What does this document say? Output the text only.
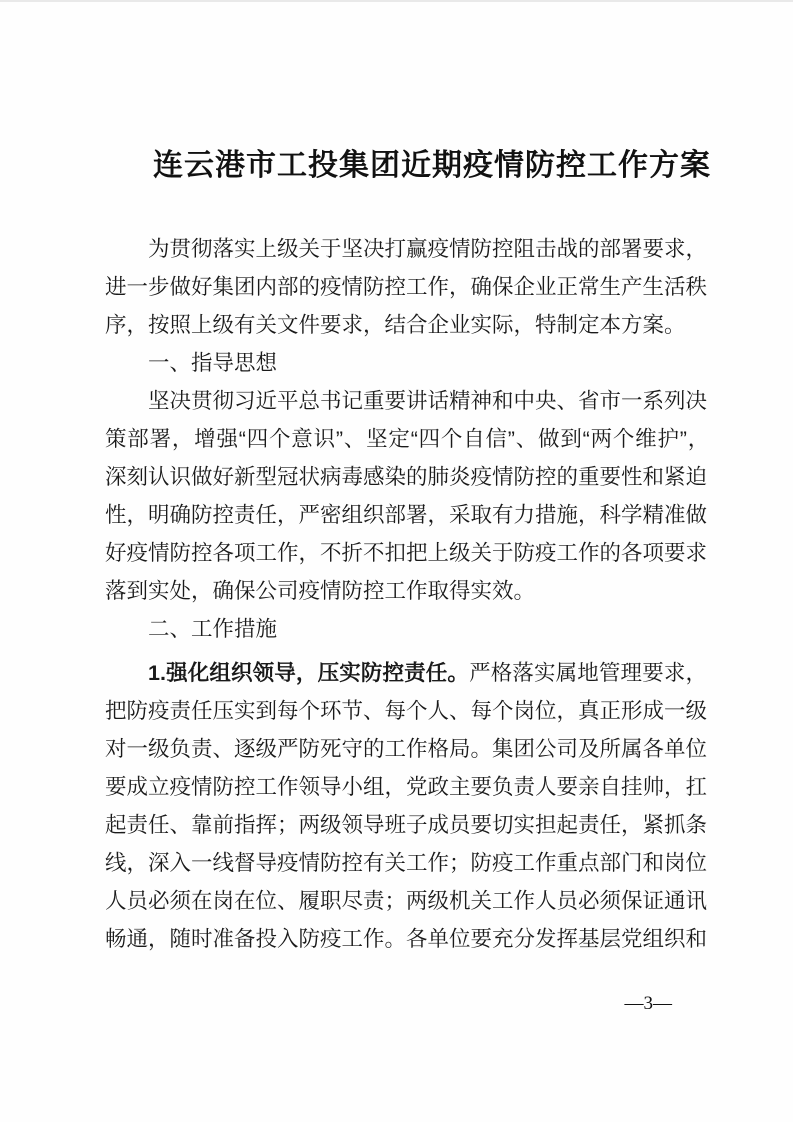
连云港市工投集团近期疫情防控工作方案
为贯彻落实上级关于坚决打赢疫情防控阻击战的部署要求，
进一步做好集团内部的疫情防控工作，确保企业正常生产生活秩
序，按照上级有关文件要求，结合企业实际，特制定本方案。
一、指导思想
坚决贯彻习近平总书记重要讲话精神和中央、省市一系列决
策部署，增强“四个意识”、坚定“四个自信”、做到“两个维护”，
深刻认识做好新型冠状病毒感染的肺炎疫情防控的重要性和紧迫
性，明确防控责任，严密组织部署，采取有力措施，科学精准做
好疫情防控各项工作，不折不扣把上级关于防疫工作的各项要求
落到实处，确保公司疫情防控工作取得实效。
二、工作措施
1.强化组织领导，压实防控责任。严格落实属地管理要求，
把防疫责任压实到每个环节、每个人、每个岗位，真正形成一级
对一级负责、逐级严防死守的工作格局。集团公司及所属各单位
要成立疫情防控工作领导小组，党政主要负责人要亲自挂帅，扛
起责任、靠前指挥；两级领导班子成员要切实担起责任，紧抓条
线，深入一线督导疫情防控有关工作；防疫工作重点部门和岗位
人员必须在岗在位、履职尽责；两级机关工作人员必须保证通讯
畅通，随时准备投入防疫工作。各单位要充分发挥基层党组织和
—3—
